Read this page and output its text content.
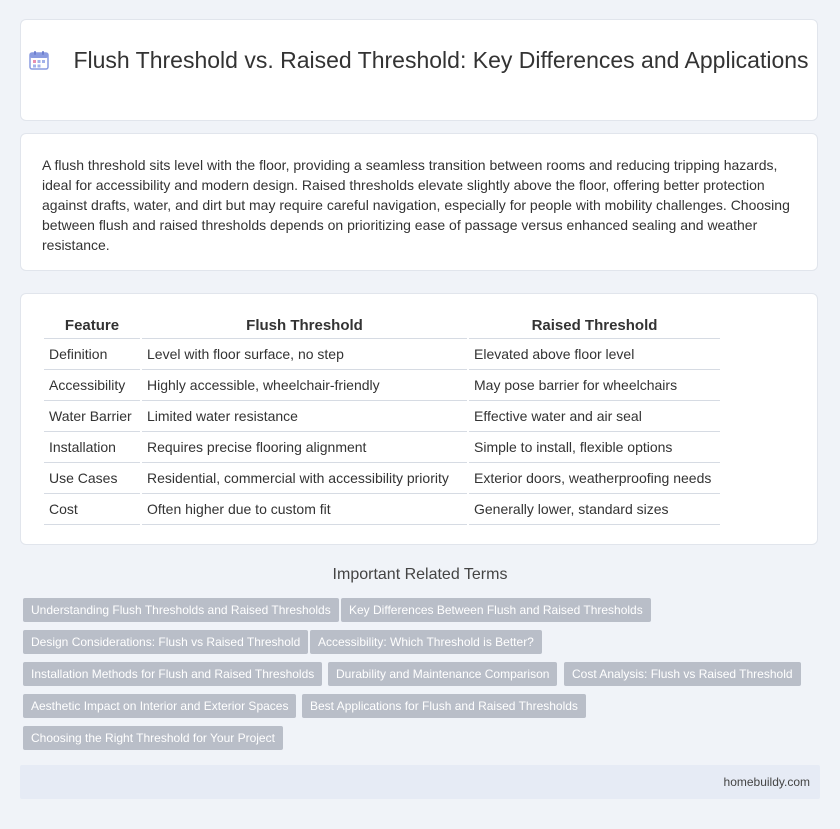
Flush Threshold vs. Raised Threshold: Key Differences and Applications

A flush threshold sits level with the floor, providing a seamless transition between rooms and reducing tripping hazards, ideal for accessibility and modern design. Raised thresholds elevate slightly above the floor, offering better protection against drafts, water, and dirt but may require careful navigation, especially for people with mobility challenges. Choosing between flush and raised thresholds depends on prioritizing ease of passage versus enhanced sealing and weather resistance.

Feature	Flush Threshold	Raised Threshold
Definition	Level with floor surface, no step	Elevated above floor level
Accessibility	Highly accessible, wheelchair-friendly	May pose barrier for wheelchairs
Water Barrier	Limited water resistance	Effective water and air seal
Installation	Requires precise flooring alignment	Simple to install, flexible options
Use Cases	Residential, commercial with accessibility priority	Exterior doors, weatherproofing needs
Cost	Often higher due to custom fit	Generally lower, standard sizes
Important Related Terms
Understanding Flush Thresholds and Raised Thresholds	Key Differences Between Flush and Raised Thresholds
Design Considerations: Flush vs Raised Threshold	Accessibility: Which Threshold is Better?
Installation Methods for Flush and Raised Thresholds	Durability and Maintenance Comparison	Cost Analysis: Flush vs Raised Threshold
Aesthetic Impact on Interior and Exterior Spaces	Best Applications for Flush and Raised Thresholds
Choosing the Right Threshold for Your Project
homebuildy.com
